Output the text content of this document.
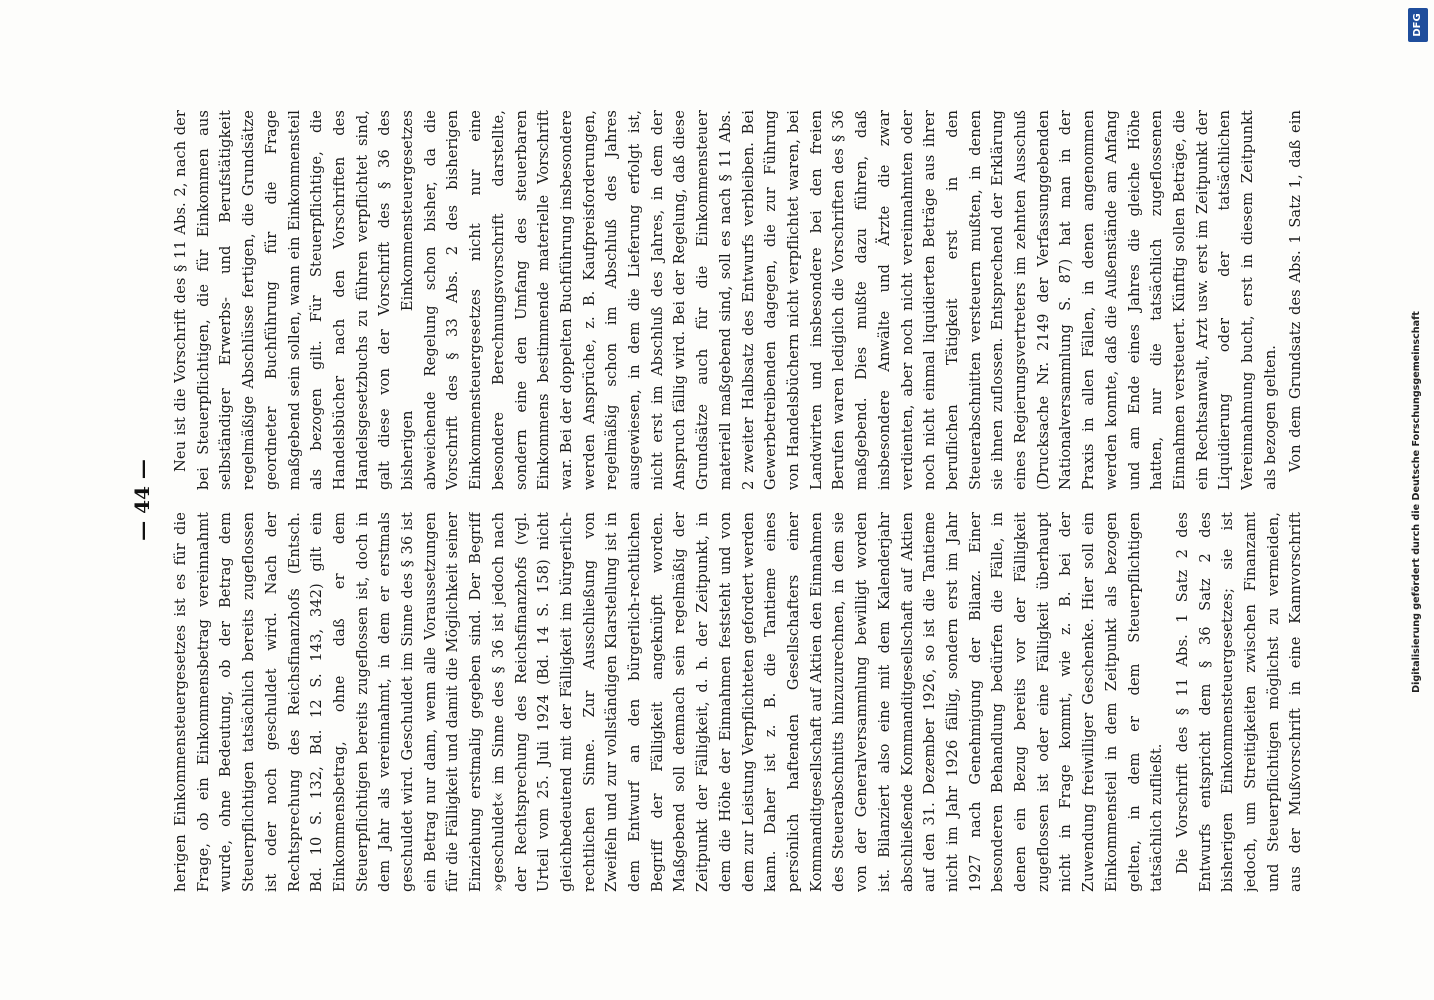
— 44 —

herigen Einkommensteuergesetzes ist es für die Frage, ob ein Einkommensbetrag vereinnahmt wurde, ohne Bedeutung, ob der Betrag dem Steuerpflichtigen tatsächlich bereits zugeflossen ist oder noch geschuldet wird. Nach der Rechtsprechung des Reichsfinanzhofs (Entsch. Bd. 10 S. 132, Bd. 12 S. 143, 342) gilt ein Einkommensbetrag, ohne daß er dem Steuerpflichtigen bereits zugeflossen ist, doch in dem Jahr als vereinnahmt, in dem er erstmals geschuldet wird. Geschuldet im Sinne des § 36 ist ein Betrag nur dann, wenn alle Voraussetzungen für die Fälligkeit und damit die Möglichkeit seiner Einziehung erstmalig gegeben sind. Der Begriff »geschuldet« im Sinne des § 36 ist jedoch nach der Rechtsprechung des Reichsfinanzhofs (vgl. Urteil vom 25. Juli 1924 (Bd. 14 S. 158) nicht gleichbedeutend mit der Fälligkeit im bürgerlich-rechtlichen Sinne. Zur Ausschließung von Zweifeln und zur vollständigen Klarstellung ist in dem Entwurf an den bürgerlich-rechtlichen Begriff der Fälligkeit angeknüpft worden. Maßgebend soll demnach sein regelmäßig der Zeitpunkt der Fälligkeit, d. h. der Zeitpunkt, in dem die Höhe der Einnahmen feststeht und von dem zur Leistung Verpflichteten gefordert werden kann. Daher ist z. B. die Tantieme eines persönlich haftenden Gesellschafters einer Kommanditgesellschaft auf Aktien den Einnahmen des Steuerabschnitts hinzuzurechnen, in dem sie von der Generalversammlung bewilligt worden ist. Bilanziert also eine mit dem Kalenderjahr abschließende Kommanditgesellschaft auf Aktien auf den 31. Dezember 1926, so ist die Tantieme nicht im Jahr 1926 fällig, sondern erst im Jahr 1927 nach Genehmigung der Bilanz. Einer besonderen Behandlung bedürfen die Fälle, in denen ein Bezug bereits vor der Fälligkeit zugeflossen ist oder eine Fälligkeit überhaupt nicht in Frage kommt, wie z. B. bei der Zuwendung freiwilliger Geschenke. Hier soll ein Einkommensteil in dem Zeitpunkt als bezogen gelten, in dem er dem Steuerpflichtigen tatsächlich zufließt. Die Vorschrift des § 11 Abs. 1 Satz 2 des Entwurfs entspricht dem § 36 Satz 2 des bisherigen Einkommensteuergesetzes; sie ist jedoch, um Streitigkeiten zwischen Finanzamt und Steuerpflichtigen möglichst zu vermeiden, aus der Mußvorschrift in eine Kannvorschrift

Neu ist die Vorschrift des § 11 Abs. 2, nach der bei Steuerpflichtigen, die für Einkommen aus selbständiger Erwerbs- und Berufstätigkeit regelmäßige Abschlüsse fertigen, die Grundsätze geordneter Buchführung für die Frage maßgebend sein sollen, wann ein Einkommensteil als bezogen gilt. Für Steuerpflichtige, die Handelsbücher nach den Vorschriften des Handelsgesetzbuchs zu führen verpflichtet sind, galt diese von der Vorschrift des § 36 des bisherigen Einkommensteuergesetzes abweichende Regelung schon bisher, da die Vorschrift des § 33 Abs. 2 des bisherigen Einkommensteuergesetzes nicht nur eine besondere Berechnungsvorschrift darstellte, sondern eine den Umfang des steuerbaren Einkommens bestimmende materielle Vorschrift war. Bei der doppelten Buchführung insbesondere werden Ansprüche, z. B. Kaufpreisforderungen, regelmäßig schon im Abschluß des Jahres ausgewiesen, in dem die Lieferung erfolgt ist, nicht erst im Abschluß des Jahres, in dem der Anspruch fällig wird. Bei der Regelung, daß diese Grundsätze auch für die Einkommensteuer materiell maßgebend sind, soll es nach § 11 Abs. 2 zweiter Halbsatz des Entwurfs verbleiben. Bei Gewerbetreibenden dagegen, die zur Führung von Handelsbüchern nicht verpflichtet waren, bei Landwirten und insbesondere bei den freien Berufen waren lediglich die Vorschriften des § 36 maßgebend. Dies mußte dazu führen, daß insbesondere Anwälte und Ärzte die zwar verdienten, aber noch nicht vereinnahmten oder noch nicht einmal liquidierten Beträge aus ihrer beruflichen Tätigkeit erst in den Steuerabschnitten versteuern mußten, in denen sie ihnen zuflossen. Entsprechend der Erklärung eines Regierungsvertreters im zehnten Ausschuß (Drucksache Nr. 2149 der Verfassunggebenden Nationalversammlung S. 87) hat man in der Praxis in allen Fällen, in denen angenommen werden konnte, daß die Außenstände am Anfang und am Ende eines Jahres die gleiche Höhe hatten, nur die tatsächlich zugeflossenen Einnahmen versteuert. Künftig sollen Beträge, die ein Rechtsanwalt, Arzt usw. erst im Zeitpunkt der Liquidierung oder der tatsächlichen Vereinnahmung bucht, erst in diesem Zeitpunkt als bezogen gelten. Von dem Grundsatz des Abs. 1 Satz 1, daß ein

DFG
Digitalisierung gefördert durch die Deutsche Forschungsgemeinschaft
